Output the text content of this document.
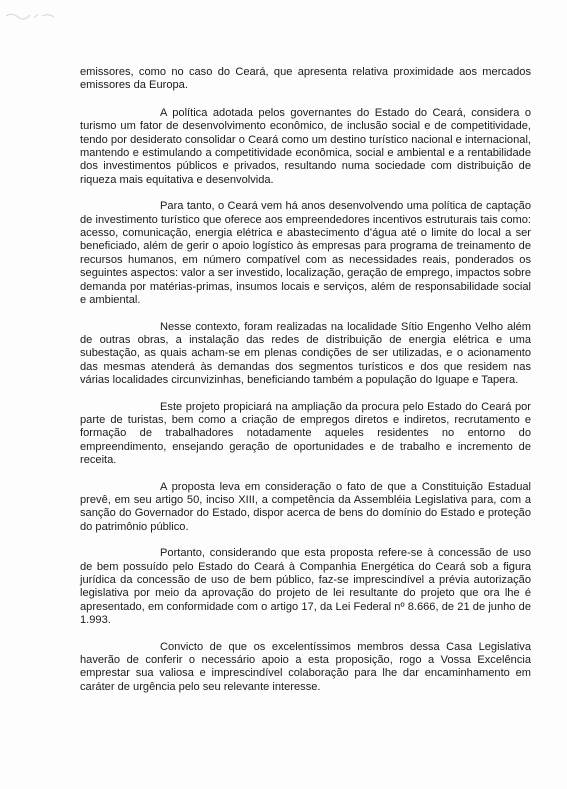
emissores, como no caso do Ceará, que apresenta relativa proximidade aos mercados emissores da Europa.

A política adotada pelos governantes do Estado do Ceará, considera o turismo um fator de desenvolvimento econômico, de inclusão social e de competitividade, tendo por desiderato consolidar o Ceará como um destino turístico nacional e internacional, mantendo e estimulando a competitividade econômica, social e ambiental e a rentabilidade dos investimentos públicos e privados, resultando numa sociedade com distribuição de riqueza mais equitativa e desenvolvida.

Para tanto, o Ceará vem há anos desenvolvendo uma política de captação de investimento turístico que oferece aos empreendedores incentivos estruturais tais como: acesso, comunicação, energia elétrica e abastecimento d’água até o limite do local a ser beneficiado, além de gerir o apoio logístico às empresas para programa de treinamento de recursos humanos, em número compatível com as necessidades reais, ponderados os seguintes aspectos: valor a ser investido, localização, geração de emprego, impactos sobre demanda por matérias-primas, insumos locais e serviços, além de responsabilidade social e ambiental.

Nesse contexto, foram realizadas na localidade Sítio Engenho Velho além de outras obras, a instalação das redes de distribuição de energia elétrica e uma subestação, as quais acham-se em plenas condições de ser utilizadas, e o acionamento das mesmas atenderá às demandas dos segmentos turísticos e dos que residem nas várias localidades circunvizinhas, beneficiando também a população do Iguape e Tapera.

Este projeto propiciará na ampliação da procura pelo Estado do Ceará por parte de turistas, bem como a criação de empregos diretos e indiretos, recrutamento e formação de trabalhadores notadamente aqueles residentes no entorno do empreendimento, ensejando geração de oportunidades e de trabalho e incremento de receita.

A proposta leva em consideração o fato de que a Constituição Estadual prevê, em seu artigo 50, inciso XIII, a competência da Assembléia Legislativa para, com a sanção do Governador do Estado, dispor acerca de bens do domínio do Estado e proteção do patrimônio público.

Portanto, considerando que esta proposta refere-se à concessão de uso de bem possuído pelo Estado do Ceará à Companhia Energética do Ceará sob a figura jurídica da concessão de uso de bem público, faz-se imprescindível a prévia autorização legislativa por meio da aprovação do projeto de lei resultante do projeto que ora lhe é apresentado, em conformidade com o artigo 17, da Lei Federal nº 8.666, de 21 de junho de 1.993.

Convicto de que os excelentíssimos membros dessa Casa Legislativa haverão de conferir o necessário apoio a esta proposição, rogo a Vossa Excelência emprestar sua valiosa e imprescindível colaboração para lhe dar encaminhamento em caráter de urgência pelo seu relevante interesse.
